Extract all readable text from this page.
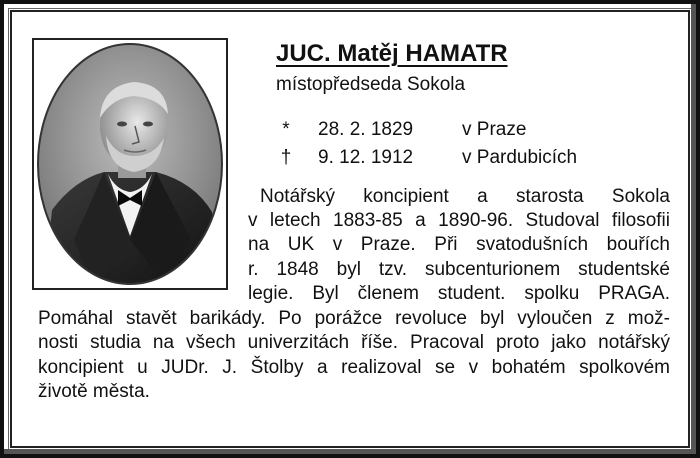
JUC. Matěj HAMATR
místopředseda Sokola
*	28. 2. 1829	v Praze
† 9. 12. 1912	v Pardubicích
Notářský koncipient a starosta Sokola
v letech 1883-85 a 1890-96. Studoval filosofii
na UK v Praze. Při svatodušních bouřích
r. 1848 byl tzv. subcenturionem studentské
legie. Byl členem student. spolku PRAGA.
Pomáhal stavět barikády. Po porážce revoluce byl vyloučen z mož-
nosti studia na všech univerzitách říše. Pracoval proto jako notářský
koncipient u JUDr. J. Štolby a realizoval se v bohatém spolkovém
životě města.
